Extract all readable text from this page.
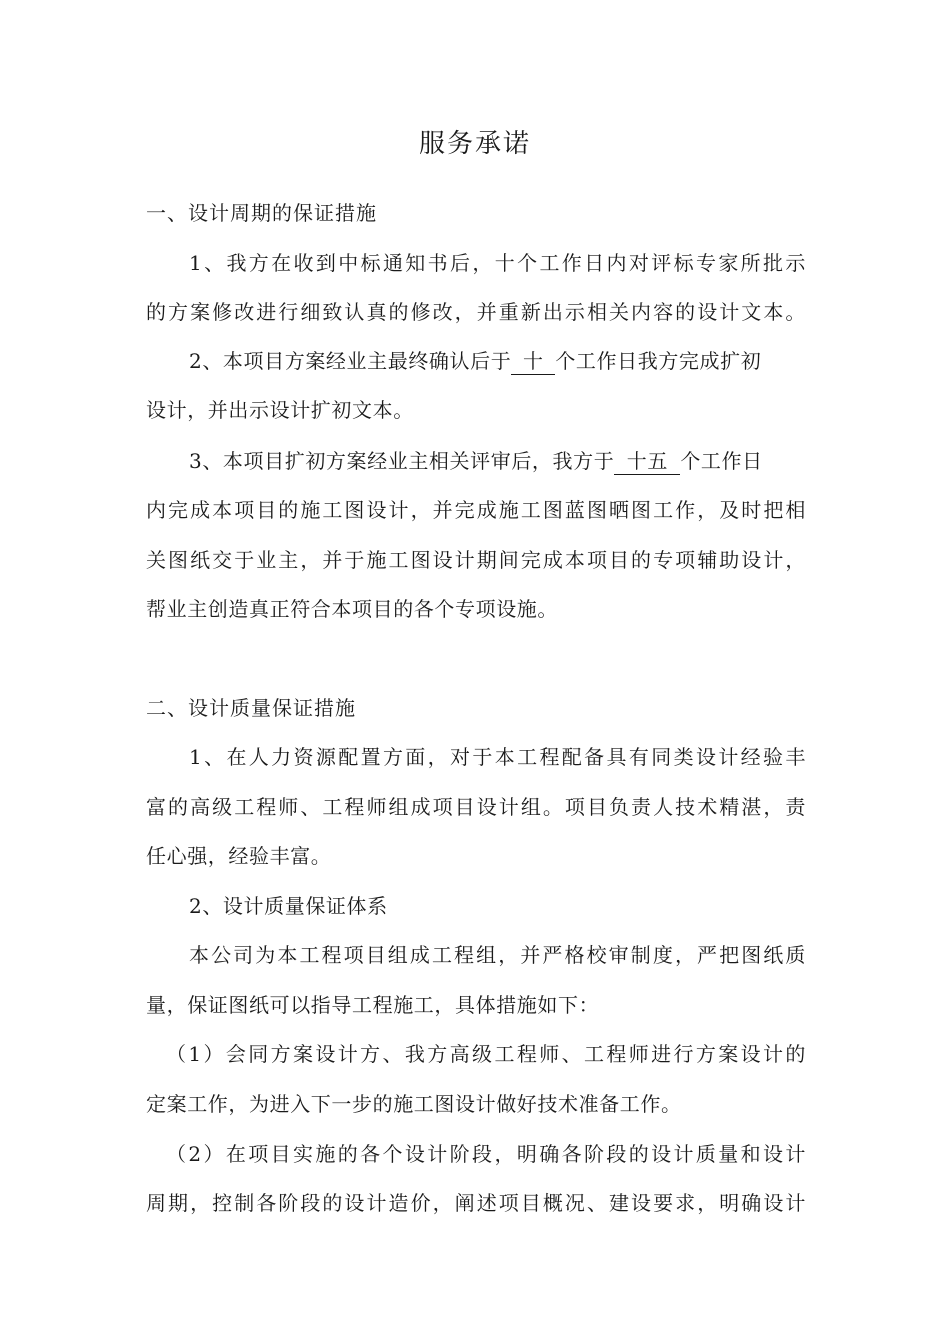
服务承诺
一、设计周期的保证措施
1、我方在收到中标通知书后，十个工作日内对评标专家所批示
的方案修改进行细致认真的修改，并重新出示相关内容的设计文本。
2、本项目方案经业主最终确认后于 十 个工作日我方完成扩初
设计，并出示设计扩初文本。
3、本项目扩初方案经业主相关评审后，我方于 十五 个工作日
内完成本项目的施工图设计，并完成施工图蓝图晒图工作，及时把相
关图纸交于业主，并于施工图设计期间完成本项目的专项辅助设计，
帮业主创造真正符合本项目的各个专项设施。
二、设计质量保证措施
1、在人力资源配置方面，对于本工程配备具有同类设计经验丰
富的高级工程师、工程师组成项目设计组。项目负责人技术精湛，责
任心强，经验丰富。
2、设计质量保证体系
本公司为本工程项目组成工程组，并严格校审制度，严把图纸质
量，保证图纸可以指导工程施工，具体措施如下：
（1）会同方案设计方、我方高级工程师、工程师进行方案设计的
定案工作，为进入下一步的施工图设计做好技术准备工作。
（2）在项目实施的各个设计阶段，明确各阶段的设计质量和设计
周期，控制各阶段的设计造价，阐述项目概况、建设要求，明确设计
